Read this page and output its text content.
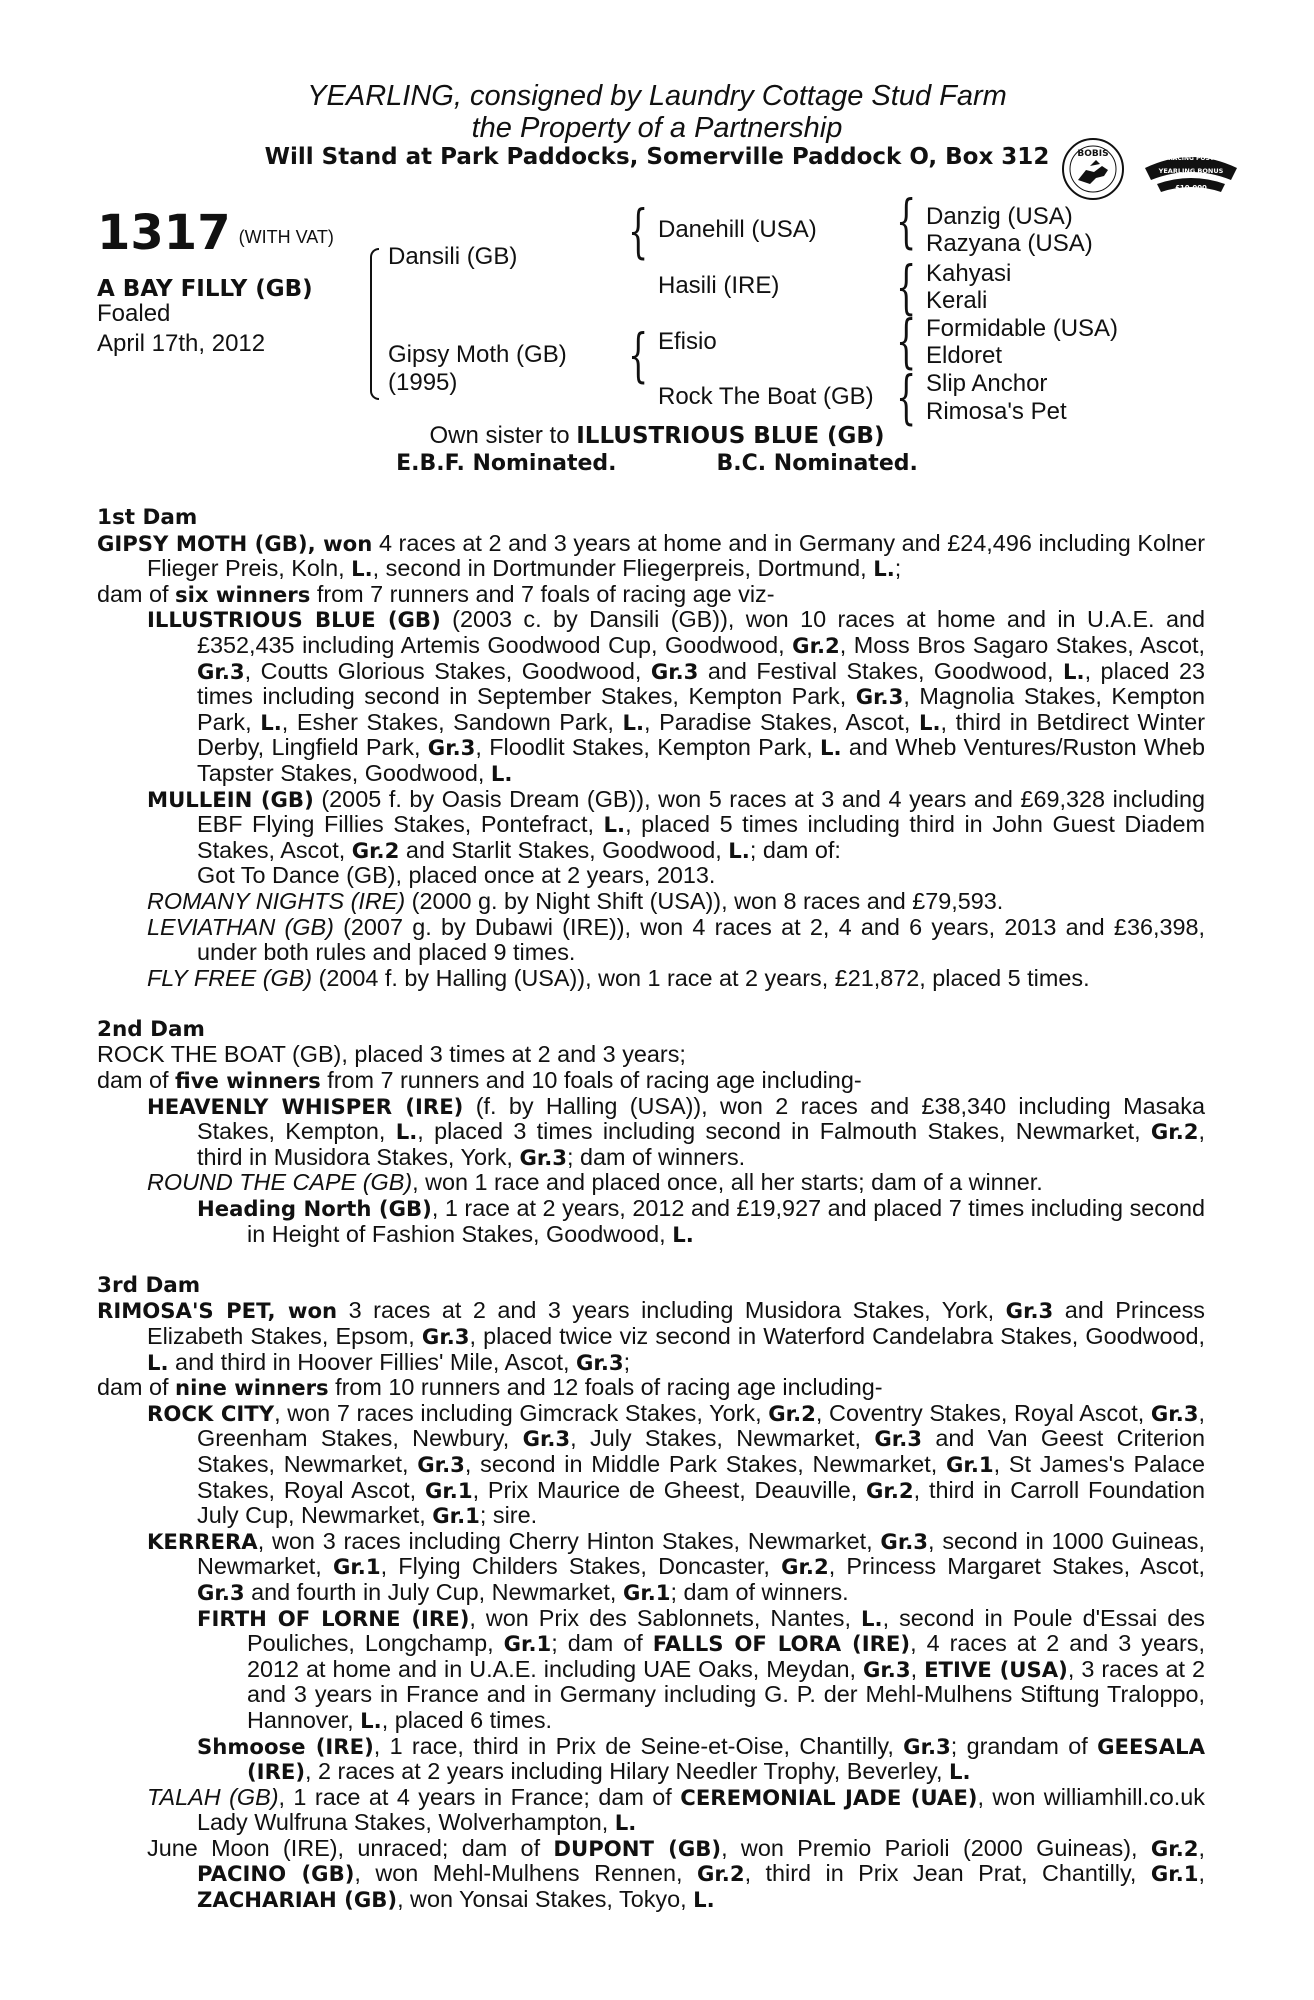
YEARLING, consigned by Laundry Cottage Stud Farm
the Property of a Partnership
Will Stand at Park Paddocks, Somerville Paddock O, Box 312	BOBIS	RACING POST
YEARLING BONUS
£10,000
1317 (WITH VAT)
A BAY FILLY (GB)
Foaled
April 17th, 2012
{
{
{
{
{
{
Dansili (GB)
Gipsy Moth (GB)
(1995)
Danehill (USA)
Hasili (IRE)
Efisio
Rock The Boat (GB)
Danzig (USA)
Razyana (USA)
Kahyasi
Kerali
Formidable (USA)
Eldoret
Slip Anchor
Rimosa's Pet
Own sister to ILLUSTRIOUS BLUE (GB)
E.B.F. Nominated.	B.C. Nominated.

1st Dam

GIPSY MOTH (GB), won 4 races at 2 and 3 years at home and in Germany and £24,496 including Kolner Flieger Preis, Koln, L., second in Dortmunder Fliegerpreis, Dortmund, L.;

dam of six winners from 7 runners and 7 foals of racing age viz-

ILLUSTRIOUS BLUE (GB) (2003 c. by Dansili (GB)), won 10 races at home and in U.A.E. and £352,435 including Artemis Goodwood Cup, Goodwood, Gr.2, Moss Bros Sagaro Stakes, Ascot, Gr.3, Coutts Glorious Stakes, Goodwood, Gr.3 and Festival Stakes, Goodwood, L., placed 23 times including second in September Stakes, Kempton Park, Gr.3, Magnolia Stakes, Kempton Park, L., Esher Stakes, Sandown Park, L., Paradise Stakes, Ascot, L., third in Betdirect Winter Derby, Lingfield Park, Gr.3, Floodlit Stakes, Kempton Park, L. and Wheb Ventures/Ruston Wheb Tapster Stakes, Goodwood, L.

MULLEIN (GB) (2005 f. by Oasis Dream (GB)), won 5 races at 3 and 4 years and £69,328 including EBF Flying Fillies Stakes, Pontefract, L., placed 5 times including third in John Guest Diadem Stakes, Ascot, Gr.2 and Starlit Stakes, Goodwood, L.; dam of:

Got To Dance (GB), placed once at 2 years, 2013.

ROMANY NIGHTS (IRE) (2000 g. by Night Shift (USA)), won 8 races and £79,593.

LEVIATHAN (GB) (2007 g. by Dubawi (IRE)), won 4 races at 2, 4 and 6 years, 2013 and £36,398, under both rules and placed 9 times.

FLY FREE (GB) (2004 f. by Halling (USA)), won 1 race at 2 years, £21,872, placed 5 times.

2nd Dam

ROCK THE BOAT (GB), placed 3 times at 2 and 3 years;

dam of five winners from 7 runners and 10 foals of racing age including-

HEAVENLY WHISPER (IRE) (f. by Halling (USA)), won 2 races and £38,340 including Masaka Stakes, Kempton, L., placed 3 times including second in Falmouth Stakes, Newmarket, Gr.2, third in Musidora Stakes, York, Gr.3; dam of winners.

ROUND THE CAPE (GB), won 1 race and placed once, all her starts; dam of a winner.

Heading North (GB), 1 race at 2 years, 2012 and £19,927 and placed 7 times including second in Height of Fashion Stakes, Goodwood, L.

3rd Dam

RIMOSA'S PET, won 3 races at 2 and 3 years including Musidora Stakes, York, Gr.3 and Princess Elizabeth Stakes, Epsom, Gr.3, placed twice viz second in Waterford Candelabra Stakes, Goodwood, L. and third in Hoover Fillies' Mile, Ascot, Gr.3;

dam of nine winners from 10 runners and 12 foals of racing age including-

ROCK CITY, won 7 races including Gimcrack Stakes, York, Gr.2, Coventry Stakes, Royal Ascot, Gr.3, Greenham Stakes, Newbury, Gr.3, July Stakes, Newmarket, Gr.3 and Van Geest Criterion Stakes, Newmarket, Gr.3, second in Middle Park Stakes, Newmarket, Gr.1, St James's Palace Stakes, Royal Ascot, Gr.1, Prix Maurice de Gheest, Deauville, Gr.2, third in Carroll Foundation July Cup, Newmarket, Gr.1; sire.

KERRERA, won 3 races including Cherry Hinton Stakes, Newmarket, Gr.3, second in 1000 Guineas, Newmarket, Gr.1, Flying Childers Stakes, Doncaster, Gr.2, Princess Margaret Stakes, Ascot, Gr.3 and fourth in July Cup, Newmarket, Gr.1; dam of winners.

FIRTH OF LORNE (IRE), won Prix des Sablonnets, Nantes, L., second in Poule d'Essai des Pouliches, Longchamp, Gr.1; dam of FALLS OF LORA (IRE), 4 races at 2 and 3 years, 2012 at home and in U.A.E. including UAE Oaks, Meydan, Gr.3, ETIVE (USA), 3 races at 2 and 3 years in France and in Germany including G. P. der Mehl-Mulhens Stiftung Traloppo, Hannover, L., placed 6 times.

Shmoose (IRE), 1 race, third in Prix de Seine-et-Oise, Chantilly, Gr.3; grandam of GEESALA (IRE), 2 races at 2 years including Hilary Needler Trophy, Beverley, L.

TALAH (GB), 1 race at 4 years in France; dam of CEREMONIAL JADE (UAE), won williamhill.co.uk Lady Wulfruna Stakes, Wolverhampton, L.

June Moon (IRE), unraced; dam of DUPONT (GB), won Premio Parioli (2000 Guineas), Gr.2, PACINO (GB), won Mehl-Mulhens Rennen, Gr.2, third in Prix Jean Prat, Chantilly, Gr.1, ZACHARIAH (GB), won Yonsai Stakes, Tokyo, L.
